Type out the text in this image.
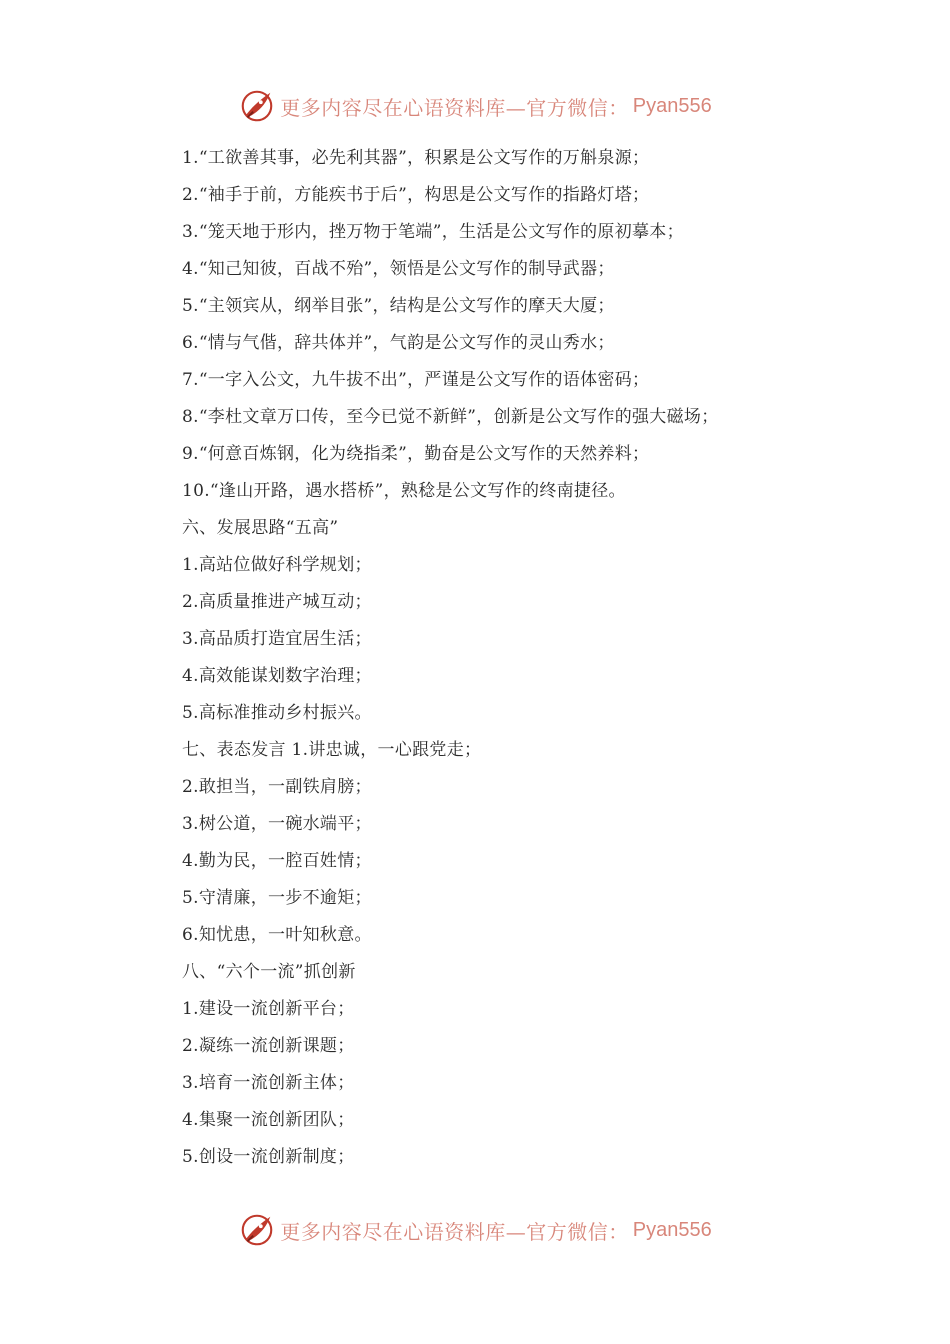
更多内容尽在心语资料库—官方微信： Pyan556
1.“工欲善其事，必先利其器”，积累是公文写作的万斛泉源；
2.“袖手于前，方能疾书于后”，构思是公文写作的指路灯塔；
3.“笼天地于形内，挫万物于笔端”，生活是公文写作的原初摹本；
4.“知己知彼，百战不殆”，领悟是公文写作的制导武器；
5.“主领宾从，纲举目张”，结构是公文写作的摩天大厦；
6.“情与气偕，辞共体并”，气韵是公文写作的灵山秀水；
7.“一字入公文，九牛拔不出”，严谨是公文写作的语体密码；
8.“李杜文章万口传，至今已觉不新鲜”，创新是公文写作的强大磁场；
9.“何意百炼钢，化为绕指柔”，勤奋是公文写作的天然养料；
10.“逢山开路，遇水搭桥”，熟稔是公文写作的终南捷径。
六、发展思路“五高”
1.高站位做好科学规划；
2.高质量推进产城互动；
3.高品质打造宜居生活；
4.高效能谋划数字治理；
5.高标准推动乡村振兴。
七、表态发言 1.讲忠诚，一心跟党走；
2.敢担当，一副铁肩膀；
3.树公道，一碗水端平；
4.勤为民，一腔百姓情；
5.守清廉，一步不逾矩；
6.知忧患，一叶知秋意。
八、“六个一流”抓创新
1.建设一流创新平台；
2.凝练一流创新课题；
3.培育一流创新主体；
4.集聚一流创新团队；
5.创设一流创新制度；
更多内容尽在心语资料库—官方微信： Pyan556
